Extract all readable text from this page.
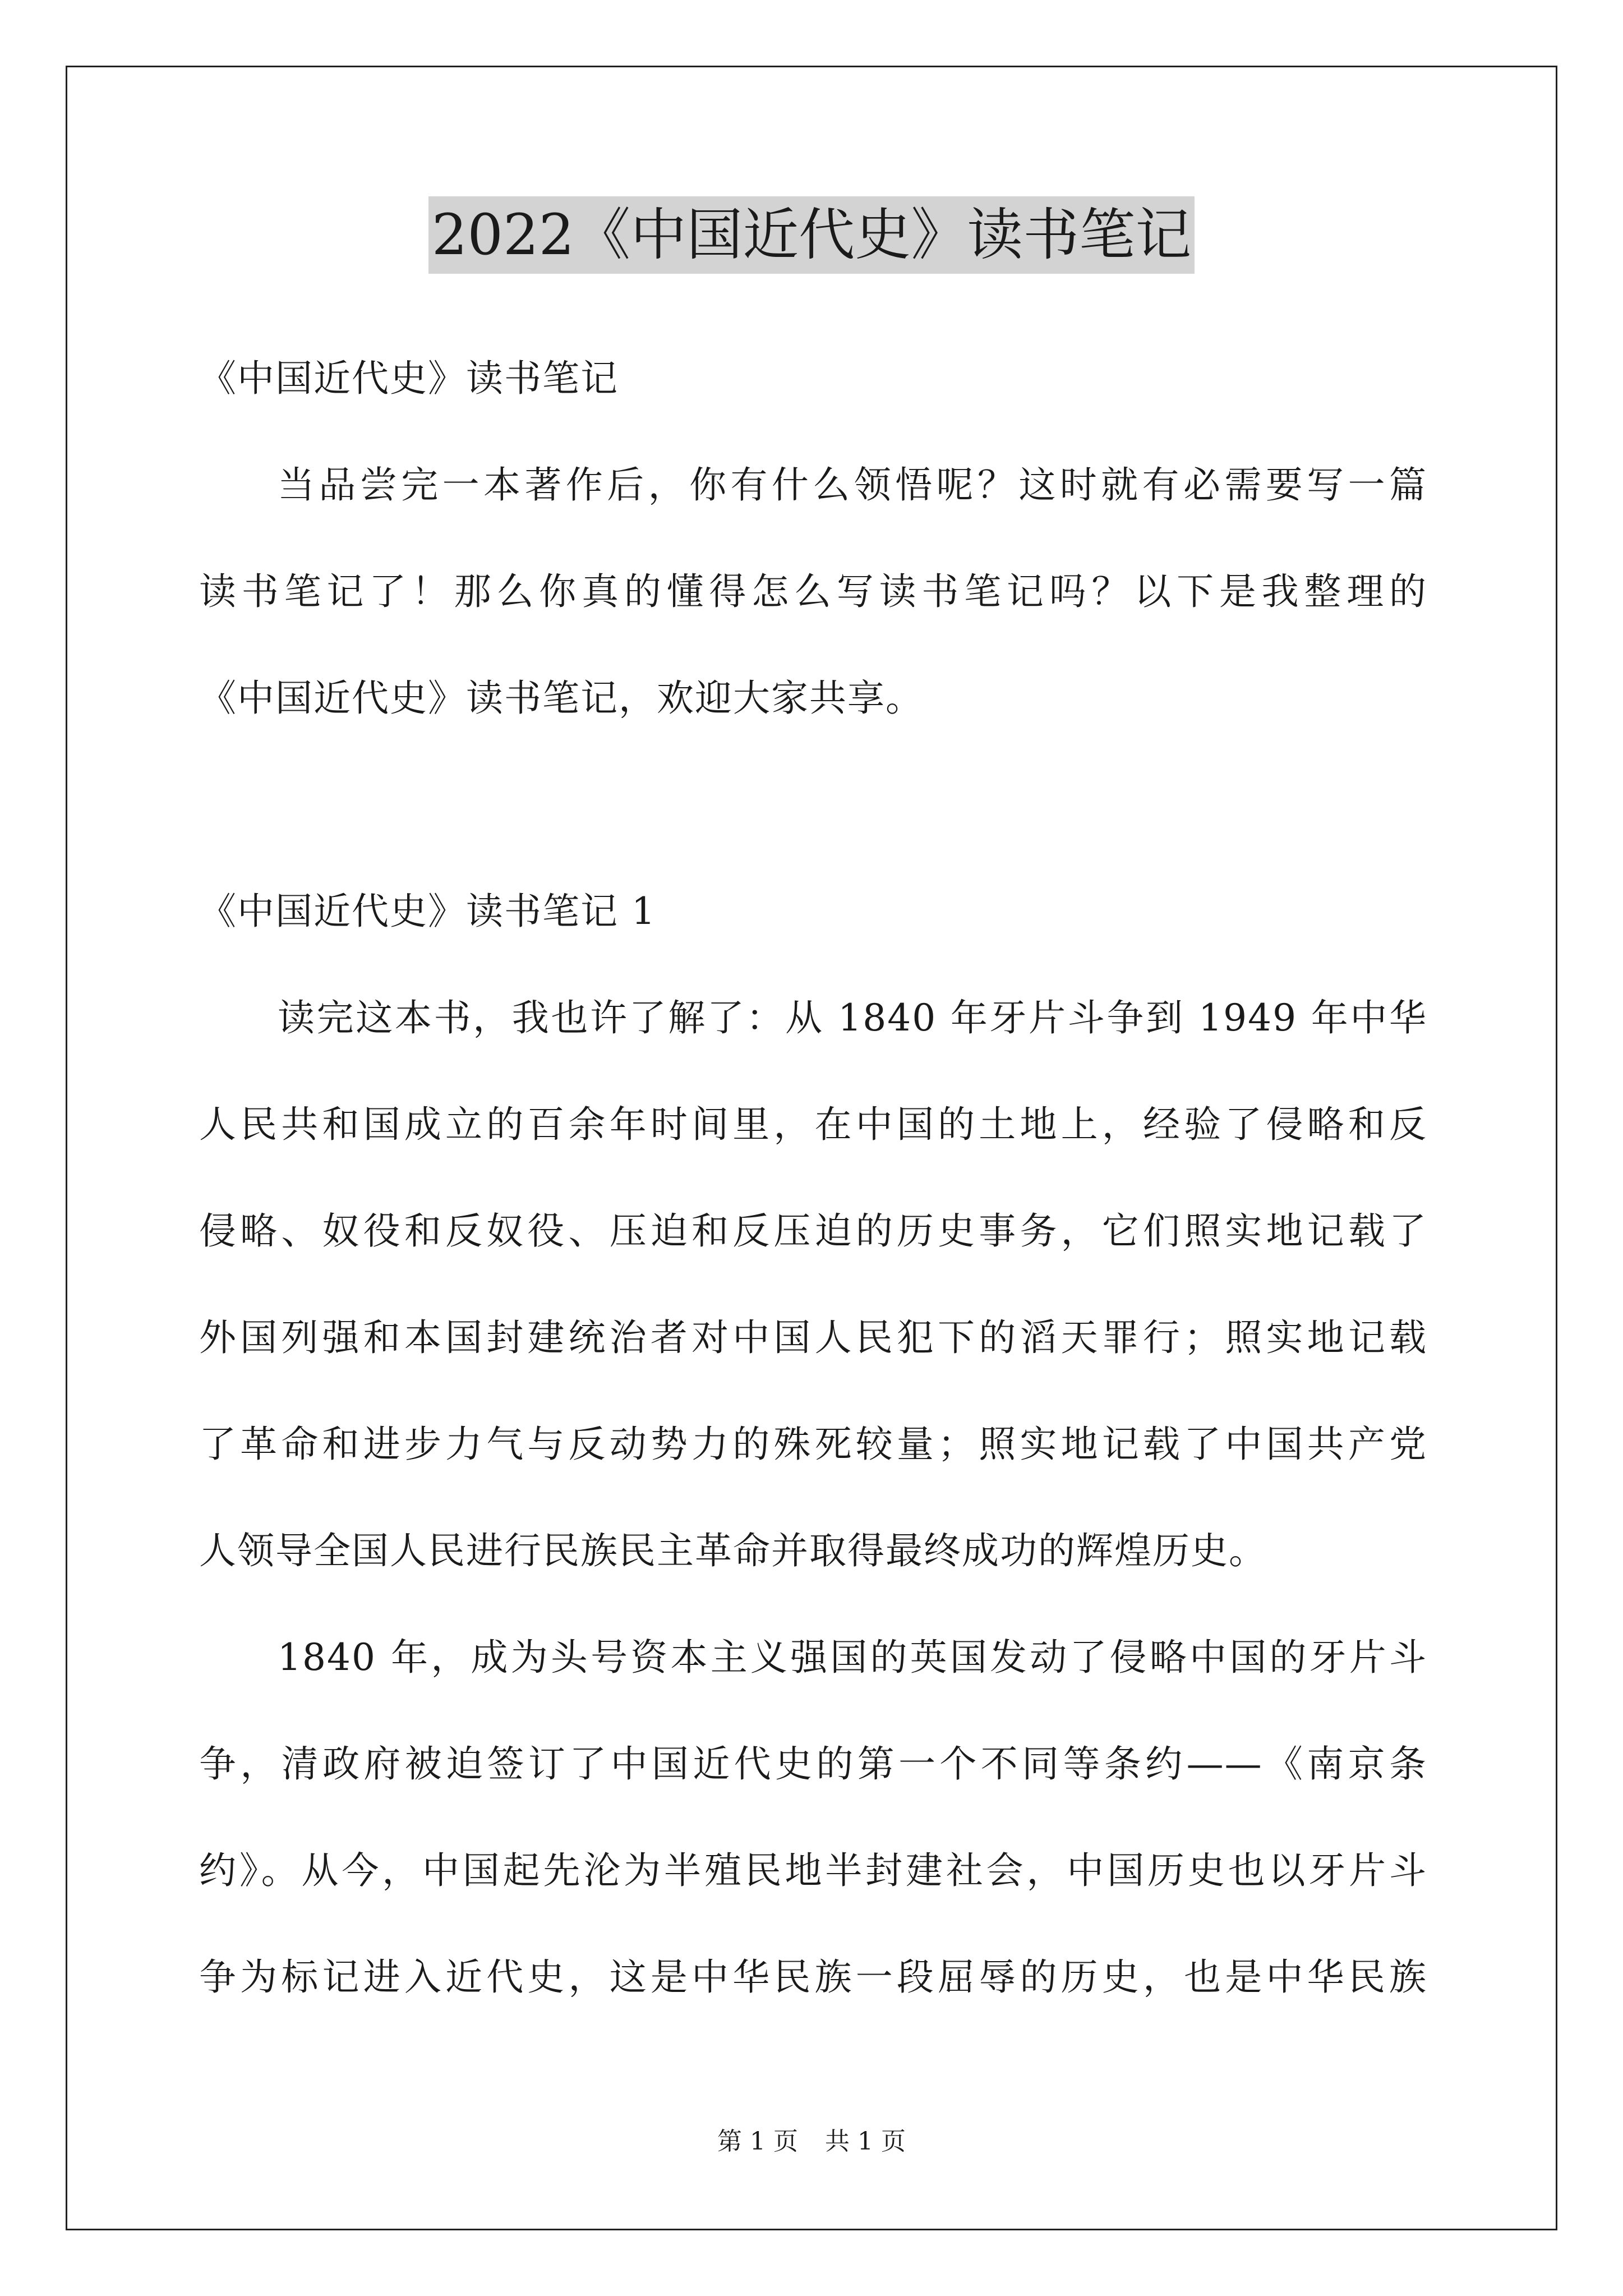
2022《中国近代史》读书笔记
《中国近代史》读书笔记
当品尝完一本著作后，你有什么领悟呢？这时就有必需要写一篇
读书笔记了！那么你真的懂得怎么写读书笔记吗？以下是我整理的
《中国近代史》读书笔记，欢迎大家共享。
《中国近代史》读书笔记 1
读完这本书，我也许了解了：从 1840 年牙片斗争到 1949 年中华
人民共和国成立的百余年时间里，在中国的土地上，经验了侵略和反
侵略、奴役和反奴役、压迫和反压迫的历史事务，它们照实地记载了
外国列强和本国封建统治者对中国人民犯下的滔天罪行；照实地记载
了革命和进步力气与反动势力的殊死较量；照实地记载了中国共产党
人领导全国人民进行民族民主革命并取得最终成功的辉煌历史。
1840 年，成为头号资本主义强国的英国发动了侵略中国的牙片斗
争，清政府被迫签订了中国近代史的第一个不同等条约——《南京条
约》。从今，中国起先沦为半殖民地半封建社会，中国历史也以牙片斗
争为标记进入近代史，这是中华民族一段屈辱的历史，也是中华民族
第 1 页 共 1 页
